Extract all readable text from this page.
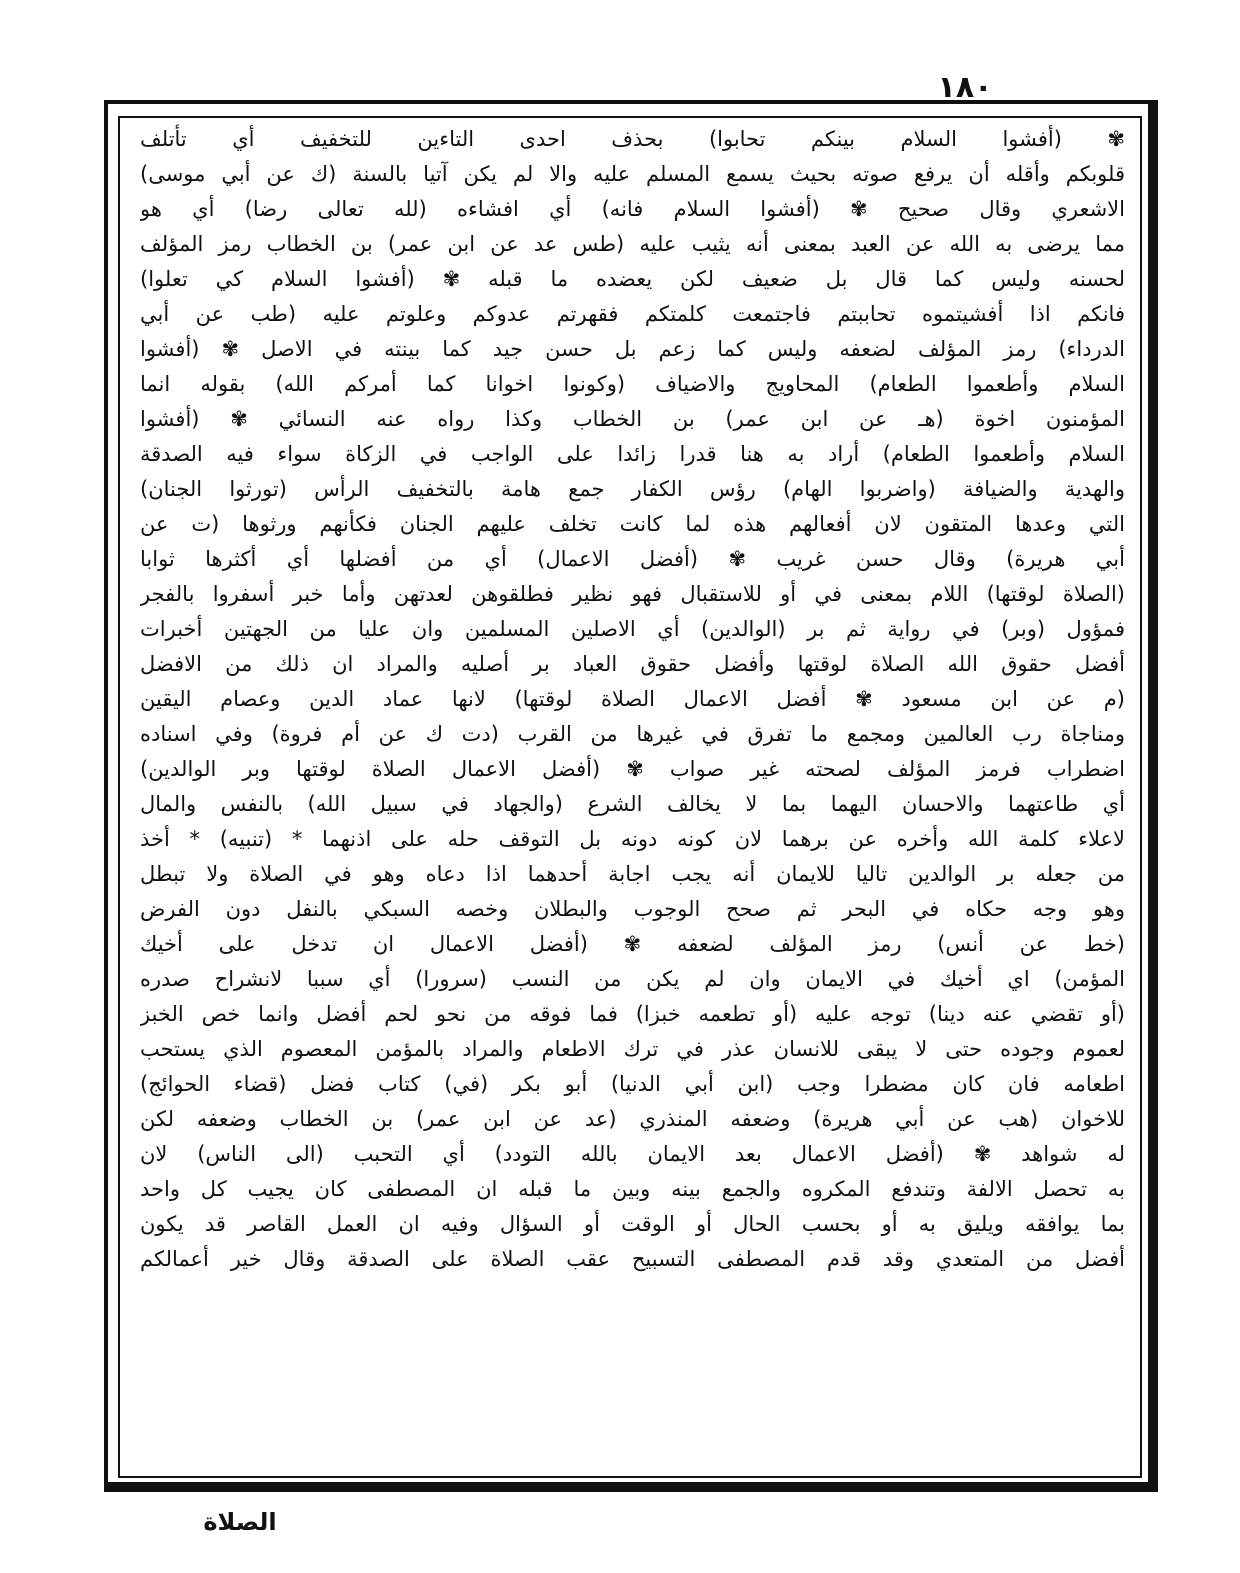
١٨٠
✾ (أفشوا السلام بينكم تحابوا) بحذف احدى التاءين للتخفيف أي تأتلف
قلوبكم وأقله أن يرفع صوته بحيث يسمع المسلم عليه والا لم يكن آتيا بالسنة (ك عن أبي موسى)
الاشعري وقال صحيح ✾ (أفشوا السلام فانه) أي افشاءه (لله تعالى رضا) أي هو
مما يرضى به الله عن العبد بمعنى أنه يثيب عليه (طس عد عن ابن عمر) بن الخطاب رمز المؤلف
لحسنه وليس كما قال بل ضعيف لكن يعضده ما قبله ✾ (أفشوا السلام كي تعلوا)
فانكم اذا أفشيتموه تحاببتم فاجتمعت كلمتكم فقهرتم عدوكم وعلوتم عليه (طب عن أبي
الدرداء) رمز المؤلف لضعفه وليس كما زعم بل حسن جيد كما بينته في الاصل ✾ (أفشوا
السلام وأطعموا الطعام) المحاويج والاضياف (وكونوا اخوانا كما أمركم الله) بقوله انما
المؤمنون اخوة (هـ عن ابن عمر) بن الخطاب وكذا رواه عنه النسائي ✾ (أفشوا
السلام وأطعموا الطعام) أراد به هنا قدرا زائدا على الواجب في الزكاة سواء فيه الصدقة
والهدية والضيافة (واضربوا الهام) رؤس الكفار جمع هامة بالتخفيف الرأس (تورثوا الجنان)
التي وعدها المتقون لان أفعالهم هذه لما كانت تخلف عليهم الجنان فكأنهم ورثوها (ت عن
أبي هريرة) وقال حسن غريب ✾ (أفضل الاعمال) أي من أفضلها أي أكثرها ثوابا
(الصلاة لوقتها) اللام بمعنى في أو للاستقبال فهو نظير فطلقوهن لعدتهن وأما خبر أسفروا بالفجر
فمؤول (وبر) في رواية ثم بر (الوالدين) أي الاصلين المسلمين وان عليا من الجهتين أخبرات
أفضل حقوق الله الصلاة لوقتها وأفضل حقوق العباد بر أصليه والمراد ان ذلك من الافضل
(م عن ابن مسعود ✾ أفضل الاعمال الصلاة لوقتها) لانها عماد الدين وعصام اليقين
ومناجاة رب العالمين ومجمع ما تفرق في غيرها من القرب (دت ك عن أم فروة) وفي اسناده
اضطراب فرمز المؤلف لصحته غير صواب ✾ (أفضل الاعمال الصلاة لوقتها وبر الوالدين)
أي طاعتهما والاحسان اليهما بما لا يخالف الشرع (والجهاد في سبيل الله) بالنفس والمال
لاعلاء كلمة الله وأخره عن برهما لان كونه دونه بل التوقف حله على اذنهما * (تنبيه) * أخذ
من جعله بر الوالدين تاليا للايمان أنه يجب اجابة أحدهما اذا دعاه وهو في الصلاة ولا تبطل
وهو وجه حكاه في البحر ثم صحح الوجوب والبطلان وخصه السبكي بالنفل دون الفرض
(خط عن أنس) رمز المؤلف لضعفه ✾ (أفضل الاعمال ان تدخل على أخيك
المؤمن) اي أخيك في الايمان وان لم يكن من النسب (سرورا) أي سببا لانشراح صدره
(أو تقضي عنه دينا) توجه عليه (أو تطعمه خبزا) فما فوقه من نحو لحم أفضل وانما خص الخبز
لعموم وجوده حتى لا يبقى للانسان عذر في ترك الاطعام والمراد بالمؤمن المعصوم الذي يستحب
اطعامه فان كان مضطرا وجب (ابن أبي الدنيا) أبو بكر (في) كتاب فضل (قضاء الحوائج)
للاخوان (هب عن أبي هريرة) وضعفه المنذري (عد عن ابن عمر) بن الخطاب وضعفه لكن
له شواهد ✾ (أفضل الاعمال بعد الايمان بالله التودد) أي التحبب (الى الناس) لان
به تحصل الالفة وتندفع المكروه والجمع بينه وبين ما قبله ان المصطفى كان يجيب كل واحد
بما يوافقه ويليق به أو بحسب الحال أو الوقت أو السؤال وفيه ان العمل القاصر قد يكون
أفضل من المتعدي وقد قدم المصطفى التسبيح عقب الصلاة على الصدقة وقال خير أعمالكم
الصلاة
